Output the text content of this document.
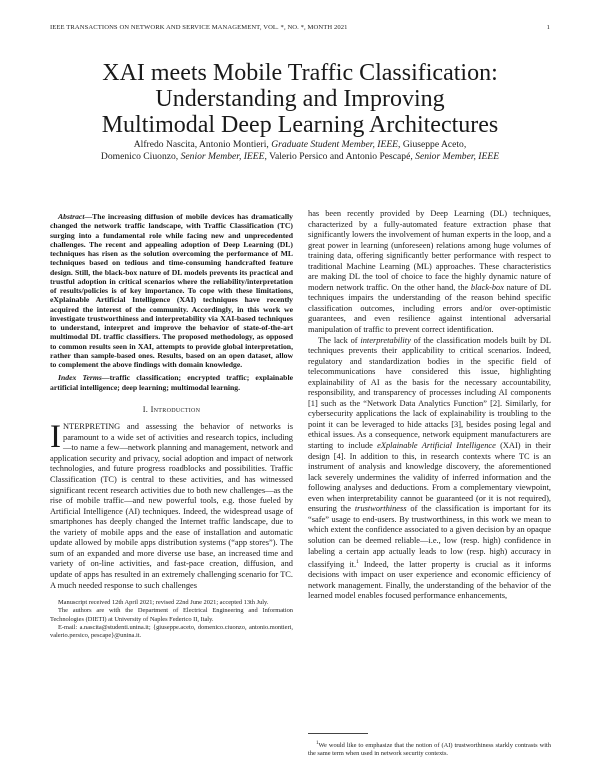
IEEE TRANSACTIONS ON NETWORK AND SERVICE MANAGEMENT, VOL. *, NO. *, MONTH 2021	1
XAI meets Mobile Traffic Classification:
Understanding and Improving
Multimodal Deep Learning Architectures
Alfredo Nascita, Antonio Montieri, Graduate Student Member, IEEE, Giuseppe Aceto,
Domenico Ciuonzo, Senior Member, IEEE, Valerio Persico and Antonio Pescapé, Senior Member, IEEE
Abstract—The increasing diffusion of mobile devices has dramatically changed the network traffic landscape, with Traffic Classification (TC) surging into a fundamental role while facing new and unprecedented challenges. The recent and appealing adoption of Deep Learning (DL) techniques has risen as the solution overcoming the performance of ML techniques based on tedious and time-consuming handcrafted feature design. Still, the black-box nature of DL models prevents its practical and trustful adoption in critical scenarios where the reliability/interpretation of results/policies is of key importance. To cope with these limitations, eXplainable Artificial Intelligence (XAI) techniques have recently acquired the interest of the community. Accordingly, in this work we investigate trustworthiness and interpretability via XAI-based techniques to understand, interpret and improve the behavior of state-of-the-art multimodal DL traffic classifiers. The proposed methodology, as opposed to common results seen in XAI, attempts to provide global interpretation, rather than sample-based ones. Results, based on an open dataset, allow to complement the above findings with domain knowledge.
Index Terms—traffic classification; encrypted traffic; explainable artificial intelligence; deep learning; multimodal learning.
I. Introduction

INTERPRETING and assessing the behavior of networks is paramount to a wide set of activities and research topics, including—to name a few—network planning and management, network and application security and privacy, social adoption and impact of network technologies, and future progress roadblocks and possibilities. Traffic Classification (TC) is central to these activities, and has witnessed significant recent research activities due to both new challenges—as the rise of mobile traffic—and new powerful tools, e.g. those fueled by Artificial Intelligence (AI) techniques. Indeed, the widespread usage of smartphones has deeply changed the Internet traffic landscape, due to the variety of mobile apps and the ease of installation and automatic update allowed by mobile apps distribution systems (“app stores”). The sum of an expanded and more diverse use base, an increased time and variety of on-line activities, and fast-pace creation, diffusion, and update of apps has resulted in an extremely challenging scenario for TC. A much needed response to such challenges

Manuscript received 12th April 2021; revised 22nd June 2021; accepted 13th July.

The authors are with the Department of Electrical Engineering and Information Technologies (DIETI) at University of Naples Federico II, Italy.

E-mail: a.nascita@studenti.unina.it; {giuseppe.aceto, domenico.ciuonzo, antonio.montieri, valerio.persico, pescape}@unina.it.

has been recently provided by Deep Learning (DL) techniques, characterized by a fully-automated feature extraction phase that significantly lowers the involvement of human experts in the loop, and a great power in learning (unforeseen) relations among huge volumes of training data, offering significantly better performance with respect to traditional Machine Learning (ML) approaches. These characteristics are making DL the tool of choice to face the highly dynamic nature of modern network traffic. On the other hand, the black-box nature of DL techniques impairs the understanding of the reason behind specific classification outcomes, including errors and/or over-optimistic guarantees, and even resilience against intentional adversarial manipulation of traffic to prevent correct identification.

The lack of interpretability of the classification models built by DL techniques prevents their applicability to critical scenarios. Indeed, regulatory and standardization bodies in the specific field of telecommunications have considered this issue, highlighting explainability of AI as the basis for the necessary accountability, responsibility, and transparency of processes including AI components [1] such as the “Network Data Analytics Function” [2]. Similarly, for cybersecurity applications the lack of explainability is troubling to the point it can be leveraged to hide attacks [3], besides posing legal and ethical issues. As a consequence, network equipment manufacturers are starting to include eXplainable Artificial Intelligence (XAI) in their design [4]. In addition to this, in research contexts where TC is an instrument of analysis and knowledge discovery, the aforementioned lack severely undermines the validity of inferred information and the following analyses and deductions. From a complementary viewpoint, even when interpretability cannot be guaranteed (or it is not required), ensuring the trustworthiness of the classification is important for its “safe” usage to end-users. By trustworthiness, in this work we mean to which extent the confidence associated to a given decision by an opaque solution can be deemed reliable—i.e., low (resp. high) confidence in labeling a certain app actually leads to low (resp. high) accuracy in classifying it.$^1$ Indeed, the latter property is crucial as it informs decisions with impact on user experience and economic efficiency of network management. Finally, the understanding of the behavior of the learned model enables focused performance enhancements,

$^1$We would like to emphasize that the notion of (AI) trustworthiness starkly contrasts with the same term when used in network security contexts.
